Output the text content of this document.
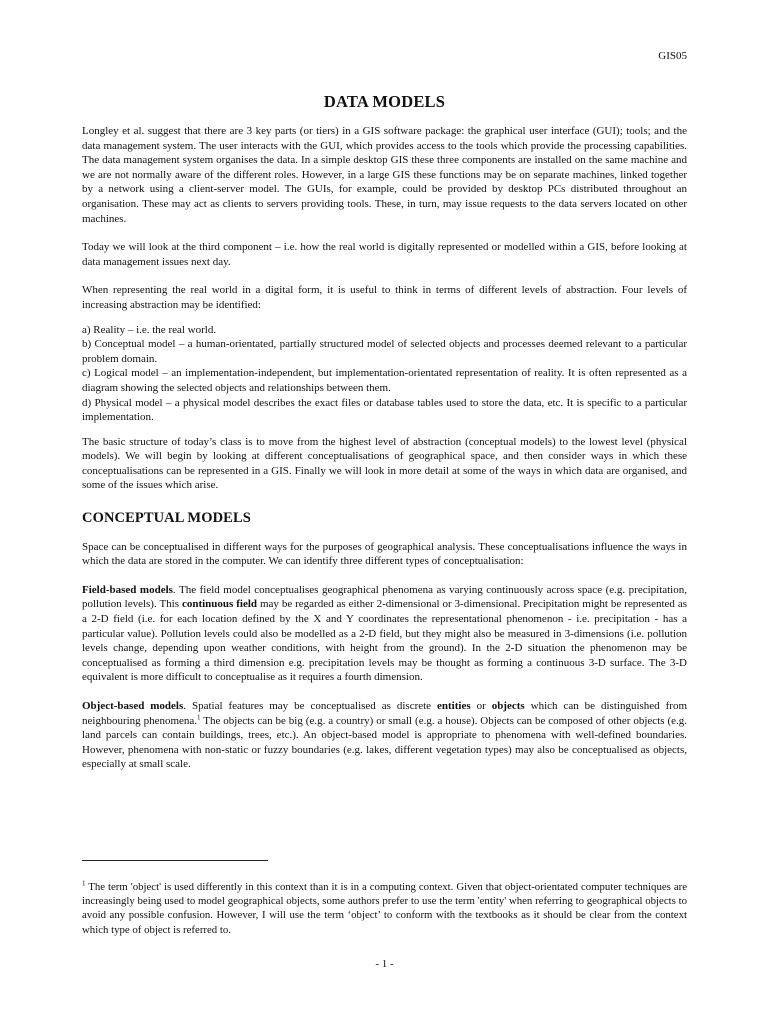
GIS05
DATA MODELS

Longley et al. suggest that there are 3 key parts (or tiers) in a GIS software package: the graphical user interface (GUI); tools; and the data management system. The user interacts with the GUI, which provides access to the tools which provide the processing capabilities. The data management system organises the data. In a simple desktop GIS these three components are installed on the same machine and we are not normally aware of the different roles. However, in a large GIS these functions may be on separate machines, linked together by a network using a client-server model. The GUIs, for example, could be provided by desktop PCs distributed throughout an organisation. These may act as clients to servers providing tools. These, in turn, may issue requests to the data servers located on other machines.

Today we will look at the third component – i.e. how the real world is digitally represented or modelled within a GIS, before looking at data management issues next day.

When representing the real world in a digital form, it is useful to think in terms of different levels of abstraction. Four levels of increasing abstraction may be identified:

a) Reality – i.e. the real world.

b) Conceptual model – a human-orientated, partially structured model of selected objects and processes deemed relevant to a particular problem domain.

c) Logical model – an implementation-independent, but implementation-orientated representation of reality. It is often represented as a diagram showing the selected objects and relationships between them.

d) Physical model – a physical model describes the exact files or database tables used to store the data, etc. It is specific to a particular implementation.

The basic structure of today’s class is to move from the highest level of abstraction (conceptual models) to the lowest level (physical models). We will begin by looking at different conceptualisations of geographical space, and then consider ways in which these conceptualisations can be represented in a GIS. Finally we will look in more detail at some of the ways in which data are organised, and some of the issues which arise.

CONCEPTUAL MODELS

Space can be conceptualised in different ways for the purposes of geographical analysis. These conceptualisations influence the ways in which the data are stored in the computer. We can identify three different types of conceptualisation:

Field-based models. The field model conceptualises geographical phenomena as varying continuously across space (e.g. precipitation, pollution levels). This continuous field may be regarded as either 2-dimensional or 3-dimensional. Precipitation might be represented as a 2-D field (i.e. for each location defined by the X and Y coordinates the representational phenomenon - i.e. precipitation - has a particular value). Pollution levels could also be modelled as a 2-D field, but they might also be measured in 3-dimensions (i.e. pollution levels change, depending upon weather conditions, with height from the ground). In the 2-D situation the phenomenon may be conceptualised as forming a third dimension e.g. precipitation levels may be thought as forming a continuous 3-D surface. The 3-D equivalent is more difficult to conceptualise as it requires a fourth dimension.

Object-based models. Spatial features may be conceptualised as discrete entities or objects which can be distinguished from neighbouring phenomena.$^1$ The objects can be big (e.g. a country) or small (e.g. a house). Objects can be composed of other objects (e.g. land parcels can contain buildings, trees, etc.). An object-based model is appropriate to phenomena with well-defined boundaries. However, phenomena with non-static or fuzzy boundaries (e.g. lakes, different vegetation types) may also be conceptualised as objects, especially at small scale.

$^1$ The term 'object' is used differently in this context than it is in a computing context. Given that object-orientated computer techniques are increasingly being used to model geographical objects, some authors prefer to use the term 'entity' when referring to geographical objects to avoid any possible confusion. However, I will use the term ‘object’ to conform with the textbooks as it should be clear from the context which type of object is referred to.
- 1 -
